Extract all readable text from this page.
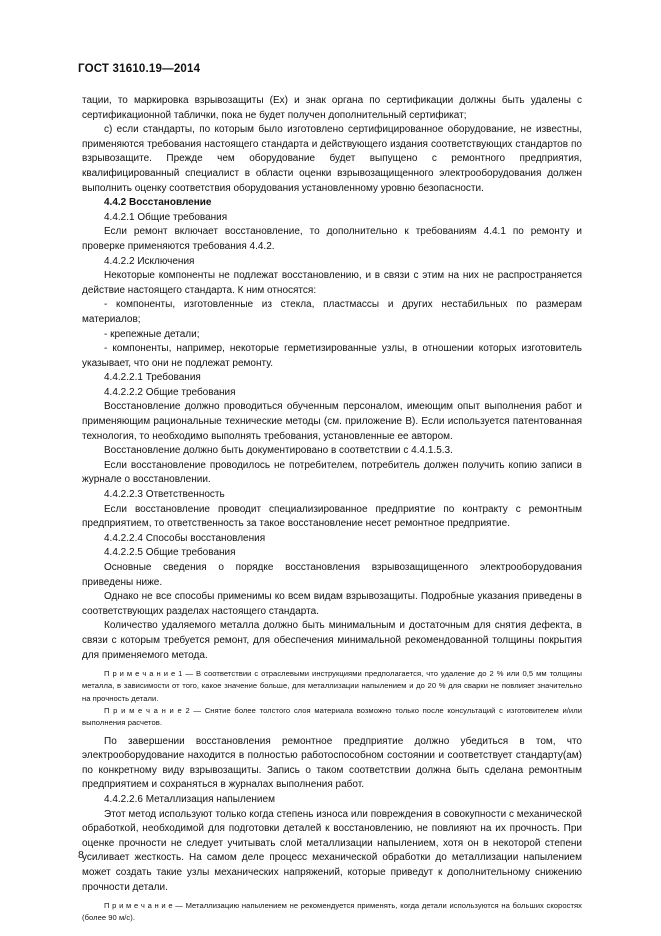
ГОСТ 31610.19—2014

тации, то маркировка взрывозащиты (Ex) и знак органа по сертификации должны быть удалены с сертификационной таблички, пока не будет получен дополнительный сертификат;

с) если стандарты, по которым было изготовлено сертифицированное оборудование, не известны, применяются требования настоящего стандарта и действующего издания соответствующих стандартов по взрывозащите. Прежде чем оборудование будет выпущено с ремонтного предприятия, квалифицированный специалист в области оценки взрывозащищенного электрооборудования должен выполнить оценку соответствия оборудования установленному уровню безопасности.

4.4.2 Восстановление

4.4.2.1 Общие требования

Если ремонт включает восстановление, то дополнительно к требованиям 4.4.1 по ремонту и проверке применяются требования 4.4.2.

4.4.2.2 Исключения

Некоторые компоненты не подлежат восстановлению, и в связи с этим на них не распространяется действие настоящего стандарта. К ним относятся:

- компоненты, изготовленные из стекла, пластмассы и других нестабильных по размерам материалов;

- крепежные детали;

- компоненты, например, некоторые герметизированные узлы, в отношении которых изготовитель указывает, что они не подлежат ремонту.

4.4.2.2.1 Требования

4.4.2.2.2 Общие требования

Восстановление должно проводиться обученным персоналом, имеющим опыт выполнения работ и применяющим рациональные технические методы (см. приложение В). Если используется патентованная технология, то необходимо выполнять требования, установленные ее автором.

Восстановление должно быть документировано в соответствии с 4.4.1.5.3.

Если восстановление проводилось не потребителем, потребитель должен получить копию записи в журнале о восстановлении.

4.4.2.2.3 Ответственность

Если восстановление проводит специализированное предприятие по контракту с ремонтным предприятием, то ответственность за такое восстановление несет ремонтное предприятие.

4.4.2.2.4 Способы восстановления

4.4.2.2.5 Общие требования

Основные сведения о порядке восстановления взрывозащищенного электрооборудования приведены ниже.

Однако не все способы применимы ко всем видам взрывозащиты. Подробные указания приведены в соответствующих разделах настоящего стандарта.

Количество удаляемого металла должно быть минимальным и достаточным для снятия дефекта, в связи с которым требуется ремонт, для обеспечения минимальной рекомендованной толщины покрытия для применяемого метода.

П р и м е ч а н и е 1 — В соответствии с отраслевыми инструкциями предполагается, что удаление до 2 % или 0,5 мм толщины металла, в зависимости от того, какое значение больше, для металлизации напылением и до 20 % для сварки не повлияет значительно на прочность детали.

П р и м е ч а н и е 2 — Снятие более толстого слоя материала возможно только после консультаций с изготовителем и/или выполнения расчетов.

По завершении восстановления ремонтное предприятие должно убедиться в том, что электрооборудование находится в полностью работоспособном состоянии и соответствует стандарту(ам) по конкретному виду взрывозащиты. Запись о таком соответствии должна быть сделана ремонтным предприятием и сохраняться в журналах выполнения работ.

4.4.2.2.6 Металлизация напылением

Этот метод используют только когда степень износа или повреждения в совокупности с механической обработкой, необходимой для подготовки деталей к восстановлению, не повлияют на их прочность. При оценке прочности не следует учитывать слой металлизации напылением, хотя он в некоторой степени усиливает жесткость. На самом деле процесс механической обработки до металлизации напылением может создать такие узлы механических напряжений, которые приведут к дополнительному снижению прочности детали.

П р и м е ч а н и е — Металлизацию напылением не рекомендуется применять, когда детали используются на больших скоростях (более 90 м/с).

8
